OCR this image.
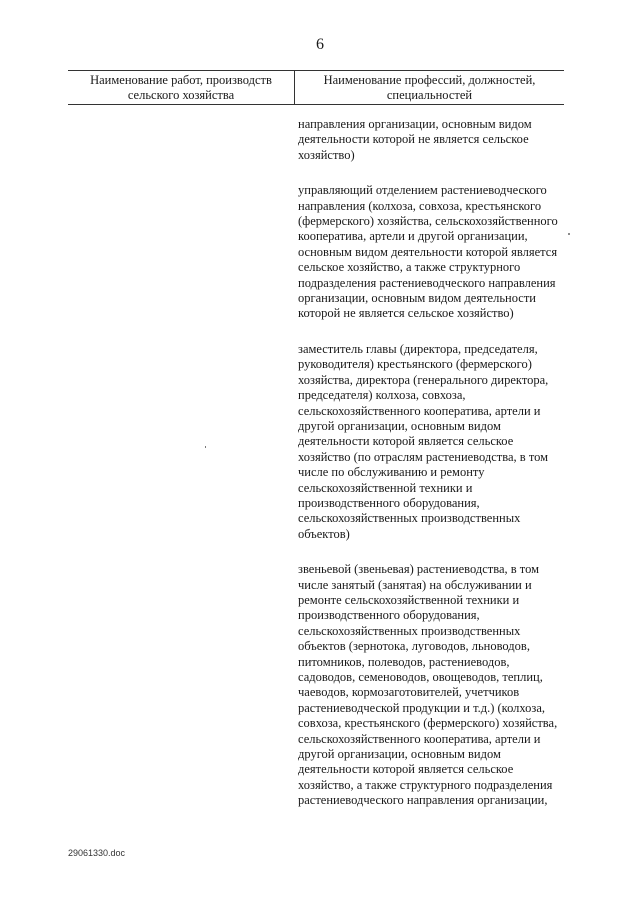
6
Наименование работ, производств сельского хозяйства
Наименование профессий, должностей, специальностей

направления организации, основным видом деятельности которой не является сельское хозяйство)

управляющий отделением растениеводческого направления (колхоза, совхоза, крестьянского (фермерского) хозяйства, сельскохозяйственного кооператива, артели и другой организации, основным видом деятельности которой является сельское хозяйство, а также структурного подразделения растениеводческого направления организации, основным видом деятельности которой не является сельское хозяйство)

заместитель главы (директора, председателя, руководителя) крестьянского (фермерского) хозяйства, директора (генерального директора, председателя) колхоза, совхоза, сельскохозяйственного кооператива, артели и другой организации, основным видом деятельности которой является сельское хозяйство (по отраслям растениеводства, в том числе по обслуживанию и ремонту сельскохозяйственной техники и производственного оборудования, сельскохозяйственных производственных объектов)

звеньевой (звеньевая) растениеводства, в том числе занятый (занятая) на обслуживании и ремонте сельскохозяйственной техники и производственного оборудования, сельскохозяйственных производственных объектов (зернотока, луговодов, льноводов, питомников, полеводов, растениеводов, садоводов, семеноводов, овощеводов, теплиц, чаеводов, кормозаготовителей, учетчиков растениеводческой продукции и т.д.) (колхоза, совхоза, крестьянского (фермерского) хозяйства, сельскохозяйственного кооператива, артели и другой организации, основным видом деятельности которой является сельское хозяйство, а также структурного подразделения растениеводческого направления организации,

29061330.doc
